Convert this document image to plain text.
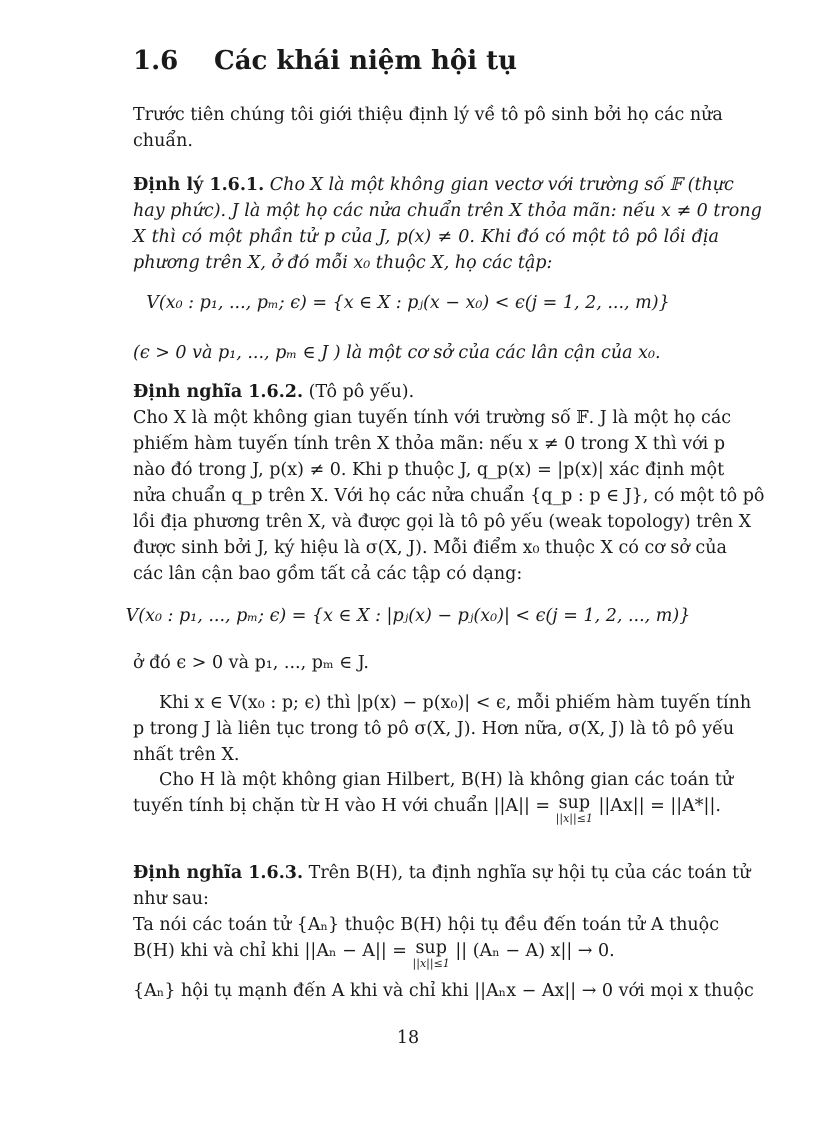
1.6 Các khái niệm hội tụ
Trước tiên chúng tôi giới thiệu định lý về tô pô sinh bởi họ các nửa
chuẩn.
Định lý 1.6.1. Cho X là một không gian vectơ với trường số 𝔽 (thực
hay phức). J là một họ các nửa chuẩn trên X thỏa mãn: nếu x ≠ 0 trong
X thì có một phần tử p của J, p(x) ≠ 0. Khi đó có một tô pô lồi địa
phương trên X, ở đó mỗi x₀ thuộc X, họ các tập:
V(x₀ : p₁, ..., pₘ; ϵ) = {x ∈ X : pⱼ(x − x₀) < ϵ(j = 1, 2, ..., m)}
(ϵ > 0 và p₁, ..., pₘ ∈ J ) là một cơ sở của các lân cận của x₀.
Định nghĩa 1.6.2. (Tô pô yếu).
Cho X là một không gian tuyến tính với trường số 𝔽. J là một họ các
phiếm hàm tuyến tính trên X thỏa mãn: nếu x ≠ 0 trong X thì với p
nào đó trong J, p(x) ≠ 0. Khi p thuộc J, q_p(x) = |p(x)| xác định một
nửa chuẩn q_p trên X. Với họ các nửa chuẩn {q_p : p ∈ J}, có một tô pô
lồi địa phương trên X, và được gọi là tô pô yếu (weak topology) trên X
được sinh bởi J, ký hiệu là σ(X, J). Mỗi điểm x₀ thuộc X có cơ sở của
các lân cận bao gồm tất cả các tập có dạng:
V(x₀ : p₁, ..., pₘ; ϵ) = {x ∈ X : |pⱼ(x) − pⱼ(x₀)| < ϵ(j = 1, 2, ..., m)}
ở đó ϵ > 0 và p₁, ..., pₘ ∈ J.
Khi x ∈ V(x₀ : p; ϵ) thì |p(x) − p(x₀)| < ϵ, mỗi phiếm hàm tuyến tính
p trong J là liên tục trong tô pô σ(X, J). Hơn nữa, σ(X, J) là tô pô yếu
nhất trên X.
Cho H là một không gian Hilbert, B(H) là không gian các toán tử
tuyến tính bị chặn từ H vào H với chuẩn ||A|| = sup
||x||≤1
||Ax|| = ||A*||.
Định nghĩa 1.6.3. Trên B(H), ta định nghĩa sự hội tụ của các toán tử
như sau:
Ta nói các toán tử {Aₙ} thuộc B(H) hội tụ đều đến toán tử A thuộc
B(H) khi và chỉ khi ||Aₙ − A|| = sup
||x||≤1
|| (Aₙ − A) x|| → 0.
{Aₙ} hội tụ mạnh đến A khi và chỉ khi ||Aₙx − Ax|| → 0 với mọi x thuộc
18
